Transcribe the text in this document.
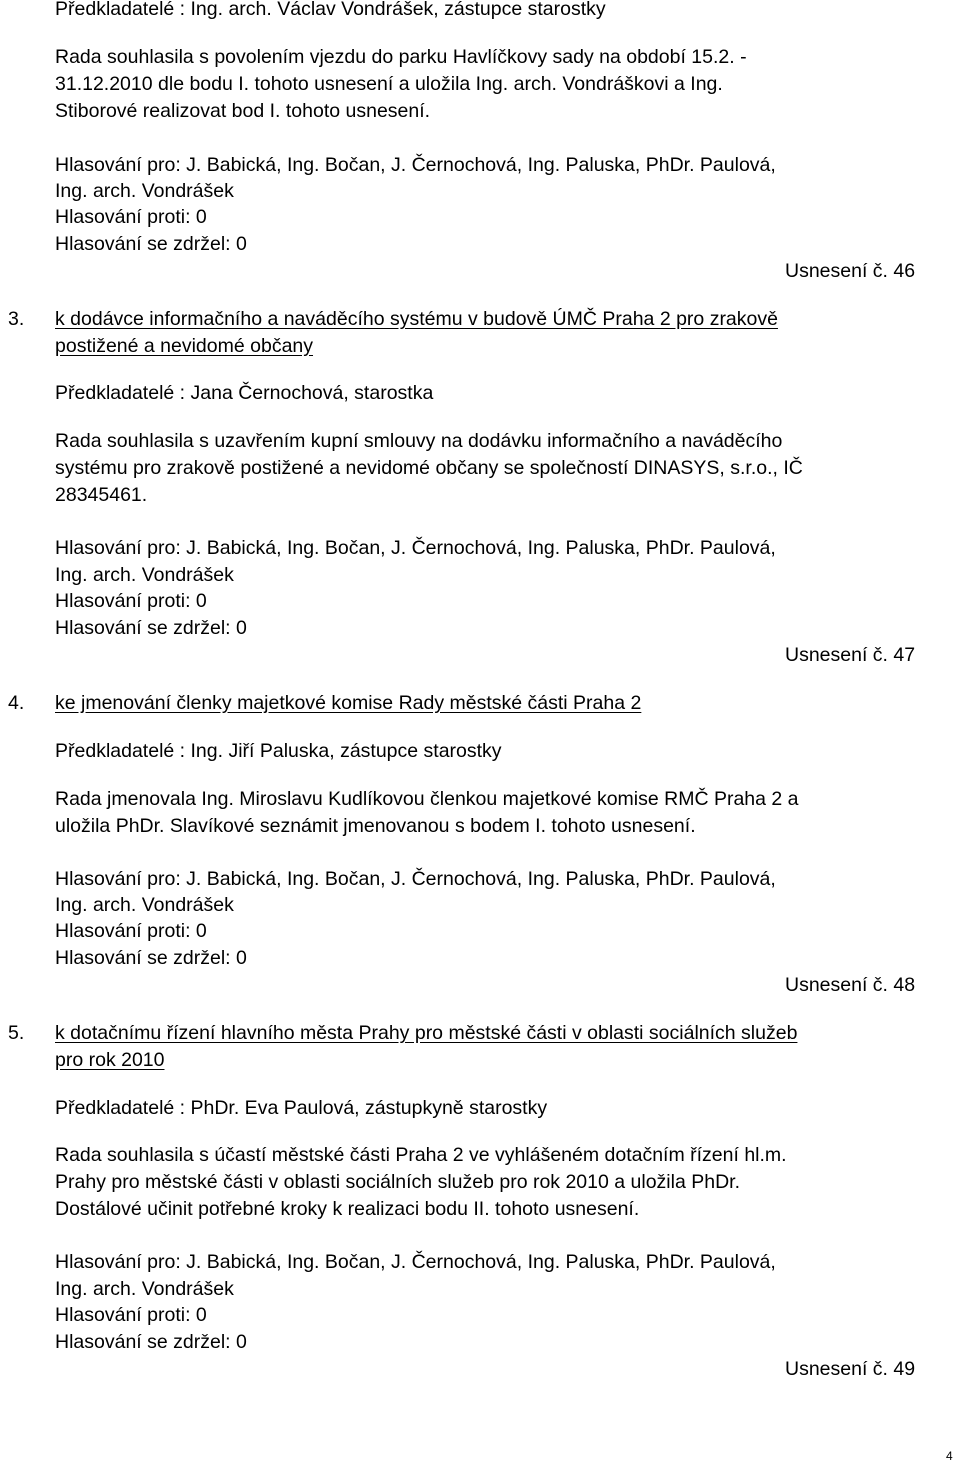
Předkladatelé : Ing. arch. Václav Vondrášek, zástupce starostky
Rada souhlasila s povolením vjezdu do parku Havlíčkovy sady na období 15.2. -
31.12.2010 dle bodu I. tohoto usnesení a uložila Ing. arch. Vondráškovi a Ing.
Stiborové realizovat bod I. tohoto usnesení.
Hlasování pro: J. Babická, Ing. Bočan, J. Černochová, Ing. Paluska, PhDr. Paulová,
Ing. arch. Vondrášek
Hlasování proti: 0
Hlasování se zdržel: 0
Usnesení č. 46
3. k dodávce informačního a naváděcího systému v budově ÚMČ Praha 2 pro zrakově
postižené a nevidomé občany
Předkladatelé : Jana Černochová, starostka
Rada souhlasila s uzavřením kupní smlouvy na dodávku informačního a naváděcího
systému pro zrakově postižené a nevidomé občany se společností DINASYS, s.r.o., IČ
28345461.
Hlasování pro: J. Babická, Ing. Bočan, J. Černochová, Ing. Paluska, PhDr. Paulová,
Ing. arch. Vondrášek
Hlasování proti: 0
Hlasování se zdržel: 0
Usnesení č. 47
4. ke jmenování členky majetkové komise Rady městské části Praha 2
Předkladatelé : Ing. Jiří Paluska, zástupce starostky
Rada jmenovala Ing. Miroslavu Kudlíkovou členkou majetkové komise RMČ Praha 2 a
uložila PhDr. Slavíkové seznámit jmenovanou s bodem I. tohoto usnesení.
Hlasování pro: J. Babická, Ing. Bočan, J. Černochová, Ing. Paluska, PhDr. Paulová,
Ing. arch. Vondrášek
Hlasování proti: 0
Hlasování se zdržel: 0
Usnesení č. 48
5. k dotačnímu řízení hlavního města Prahy pro městské části v oblasti sociálních služeb
pro rok 2010
Předkladatelé : PhDr. Eva Paulová, zástupkyně starostky
Rada souhlasila s účastí městské části Praha 2 ve vyhlášeném dotačním řízení hl.m.
Prahy pro městské části v oblasti sociálních služeb pro rok 2010 a uložila PhDr.
Dostálové učinit potřebné kroky k realizaci bodu II. tohoto usnesení.
Hlasování pro: J. Babická, Ing. Bočan, J. Černochová, Ing. Paluska, PhDr. Paulová,
Ing. arch. Vondrášek
Hlasování proti: 0
Hlasování se zdržel: 0
Usnesení č. 49
4
